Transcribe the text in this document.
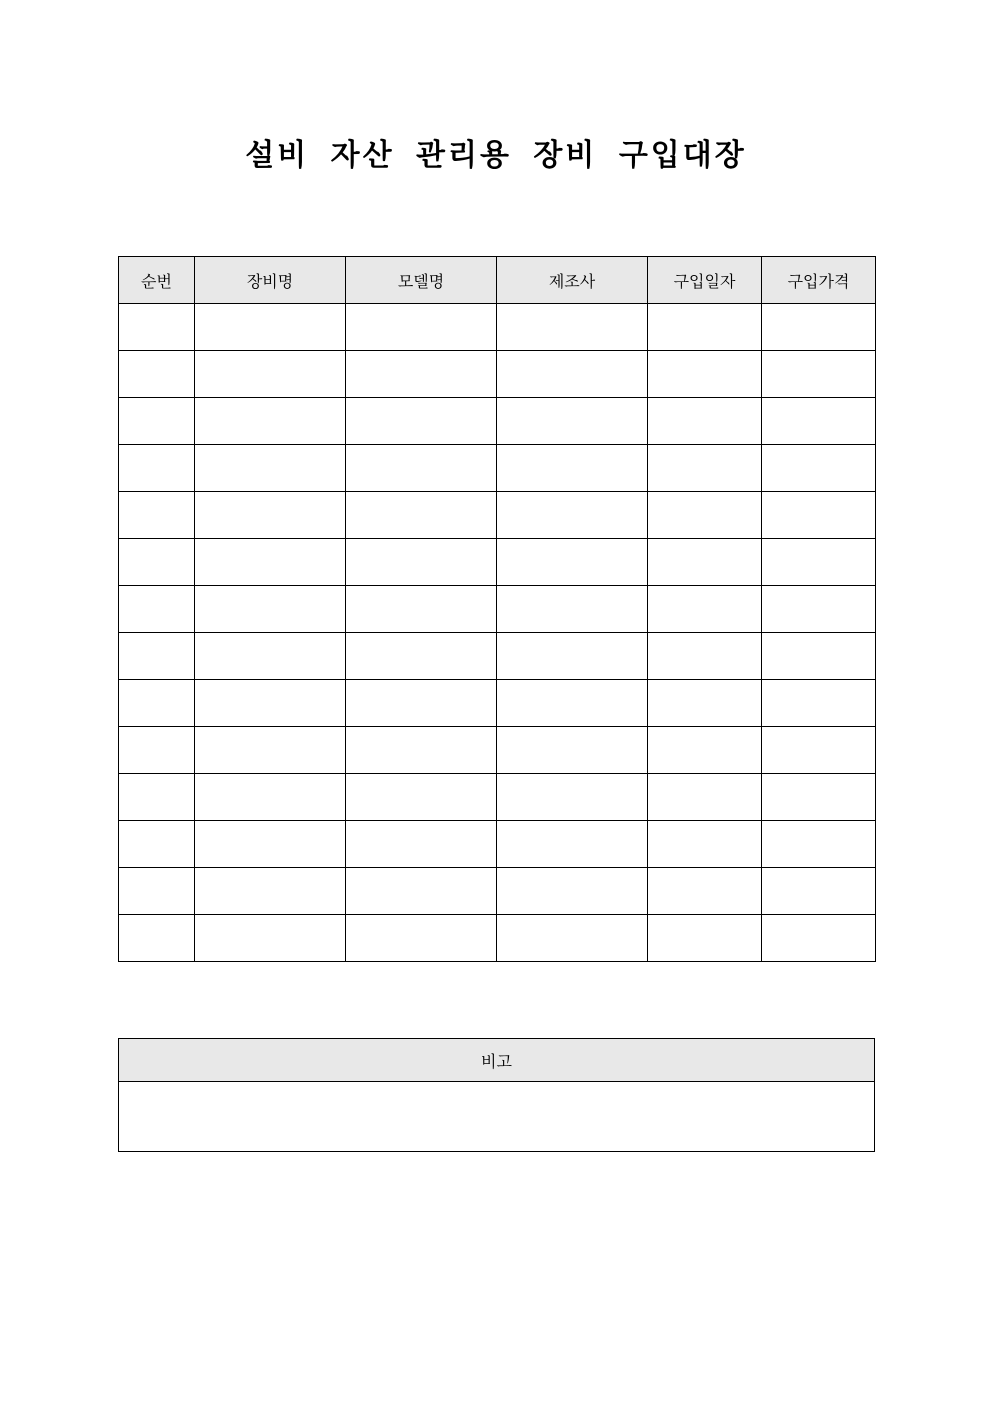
설비 자산 관리용 장비 구입대장
순번	장비명	모델명	제조사	구입일자	구입가격

비고
